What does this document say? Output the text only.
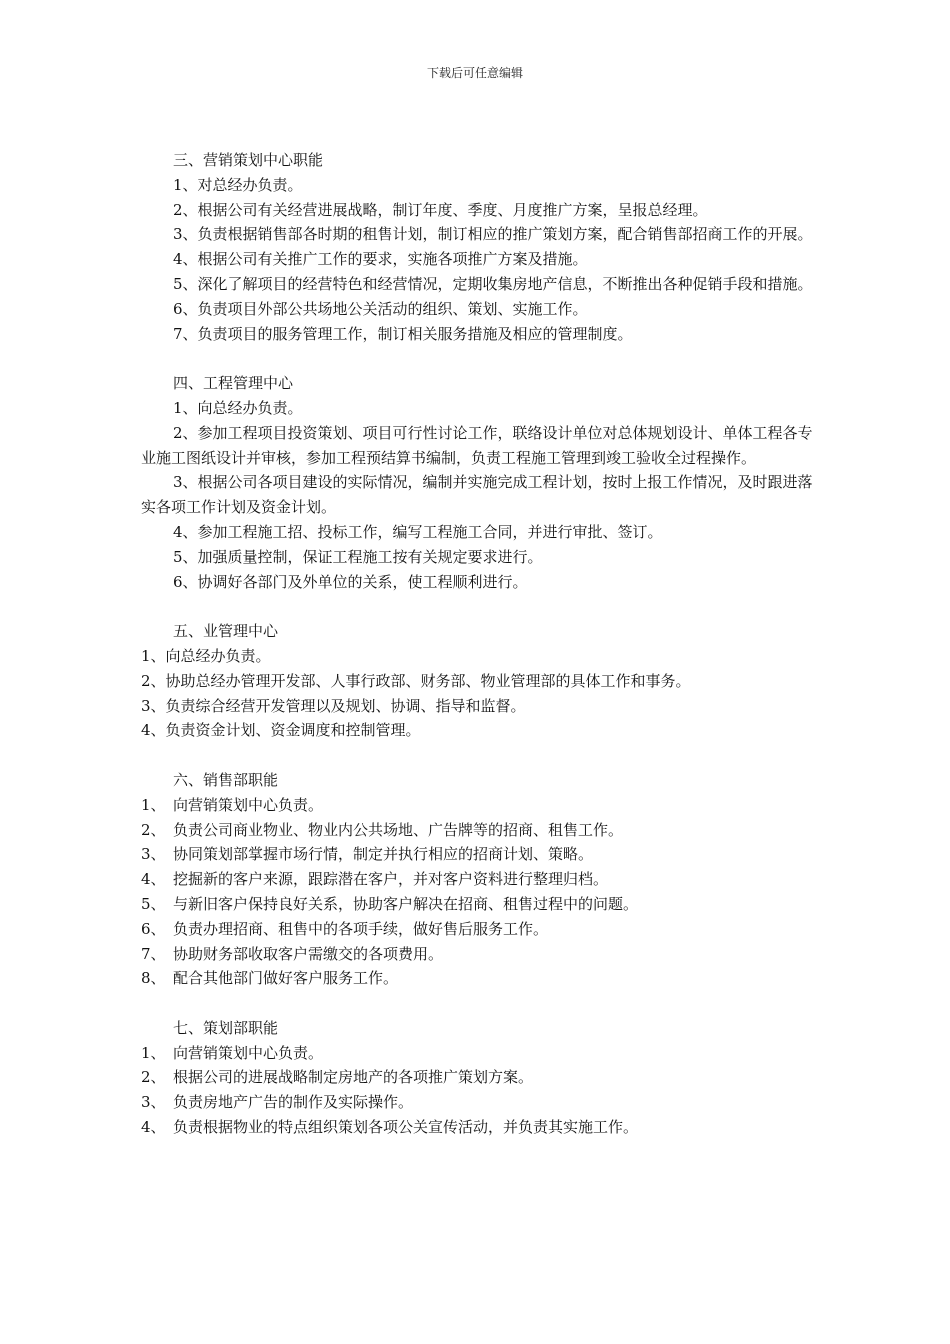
下载后可任意编辑

三、营销策划中心职能

1、对总经办负责。

2、根据公司有关经营进展战略，制订年度、季度、月度推广方案，呈报总经理。

3、负责根据销售部各时期的租售计划，制订相应的推广策划方案，配合销售部招商工作的开展。

4、根据公司有关推广工作的要求，实施各项推广方案及措施。

5、深化了解项目的经营特色和经营情况，定期收集房地产信息，不断推出各种促销手段和措施。

6、负责项目外部公共场地公关活动的组织、策划、实施工作。

7、负责项目的服务管理工作，制订相关服务措施及相应的管理制度。

四、工程管理中心

1、向总经办负责。

2、参加工程项目投资策划、项目可行性讨论工作，联络设计单位对总体规划设计、单体工程各专业施工图纸设计并审核，参加工程预结算书编制，负责工程施工管理到竣工验收全过程操作。

3、根据公司各项目建设的实际情况，编制并实施完成工程计划，按时上报工作情况，及时跟进落实各项工作计划及资金计划。

4、参加工程施工招、投标工作，编写工程施工合同，并进行审批、签订。

5、加强质量控制，保证工程施工按有关规定要求进行。

6、协调好各部门及外单位的关系，使工程顺利进行。

五、业管理中心

1、向总经办负责。

2、协助总经办管理开发部、人事行政部、财务部、物业管理部的具体工作和事务。

3、负责综合经营开发管理以及规划、协调、指导和监督。

4、负责资金计划、资金调度和控制管理。

六、销售部职能

1、　向营销策划中心负责。

2、　负责公司商业物业、物业内公共场地、广告牌等的招商、租售工作。

3、　协同策划部掌握市场行情，制定并执行相应的招商计划、策略。

4、　挖掘新的客户来源，跟踪潜在客户，并对客户资料进行整理归档。

5、　与新旧客户保持良好关系，协助客户解决在招商、租售过程中的问题。

6、　负责办理招商、租售中的各项手续，做好售后服务工作。

7、　协助财务部收取客户需缴交的各项费用。

8、　配合其他部门做好客户服务工作。

七、策划部职能

1、　向营销策划中心负责。

2、　根据公司的进展战略制定房地产的各项推广策划方案。

3、　负责房地产广告的制作及实际操作。

4、　负责根据物业的特点组织策划各项公关宣传活动，并负责其实施工作。
